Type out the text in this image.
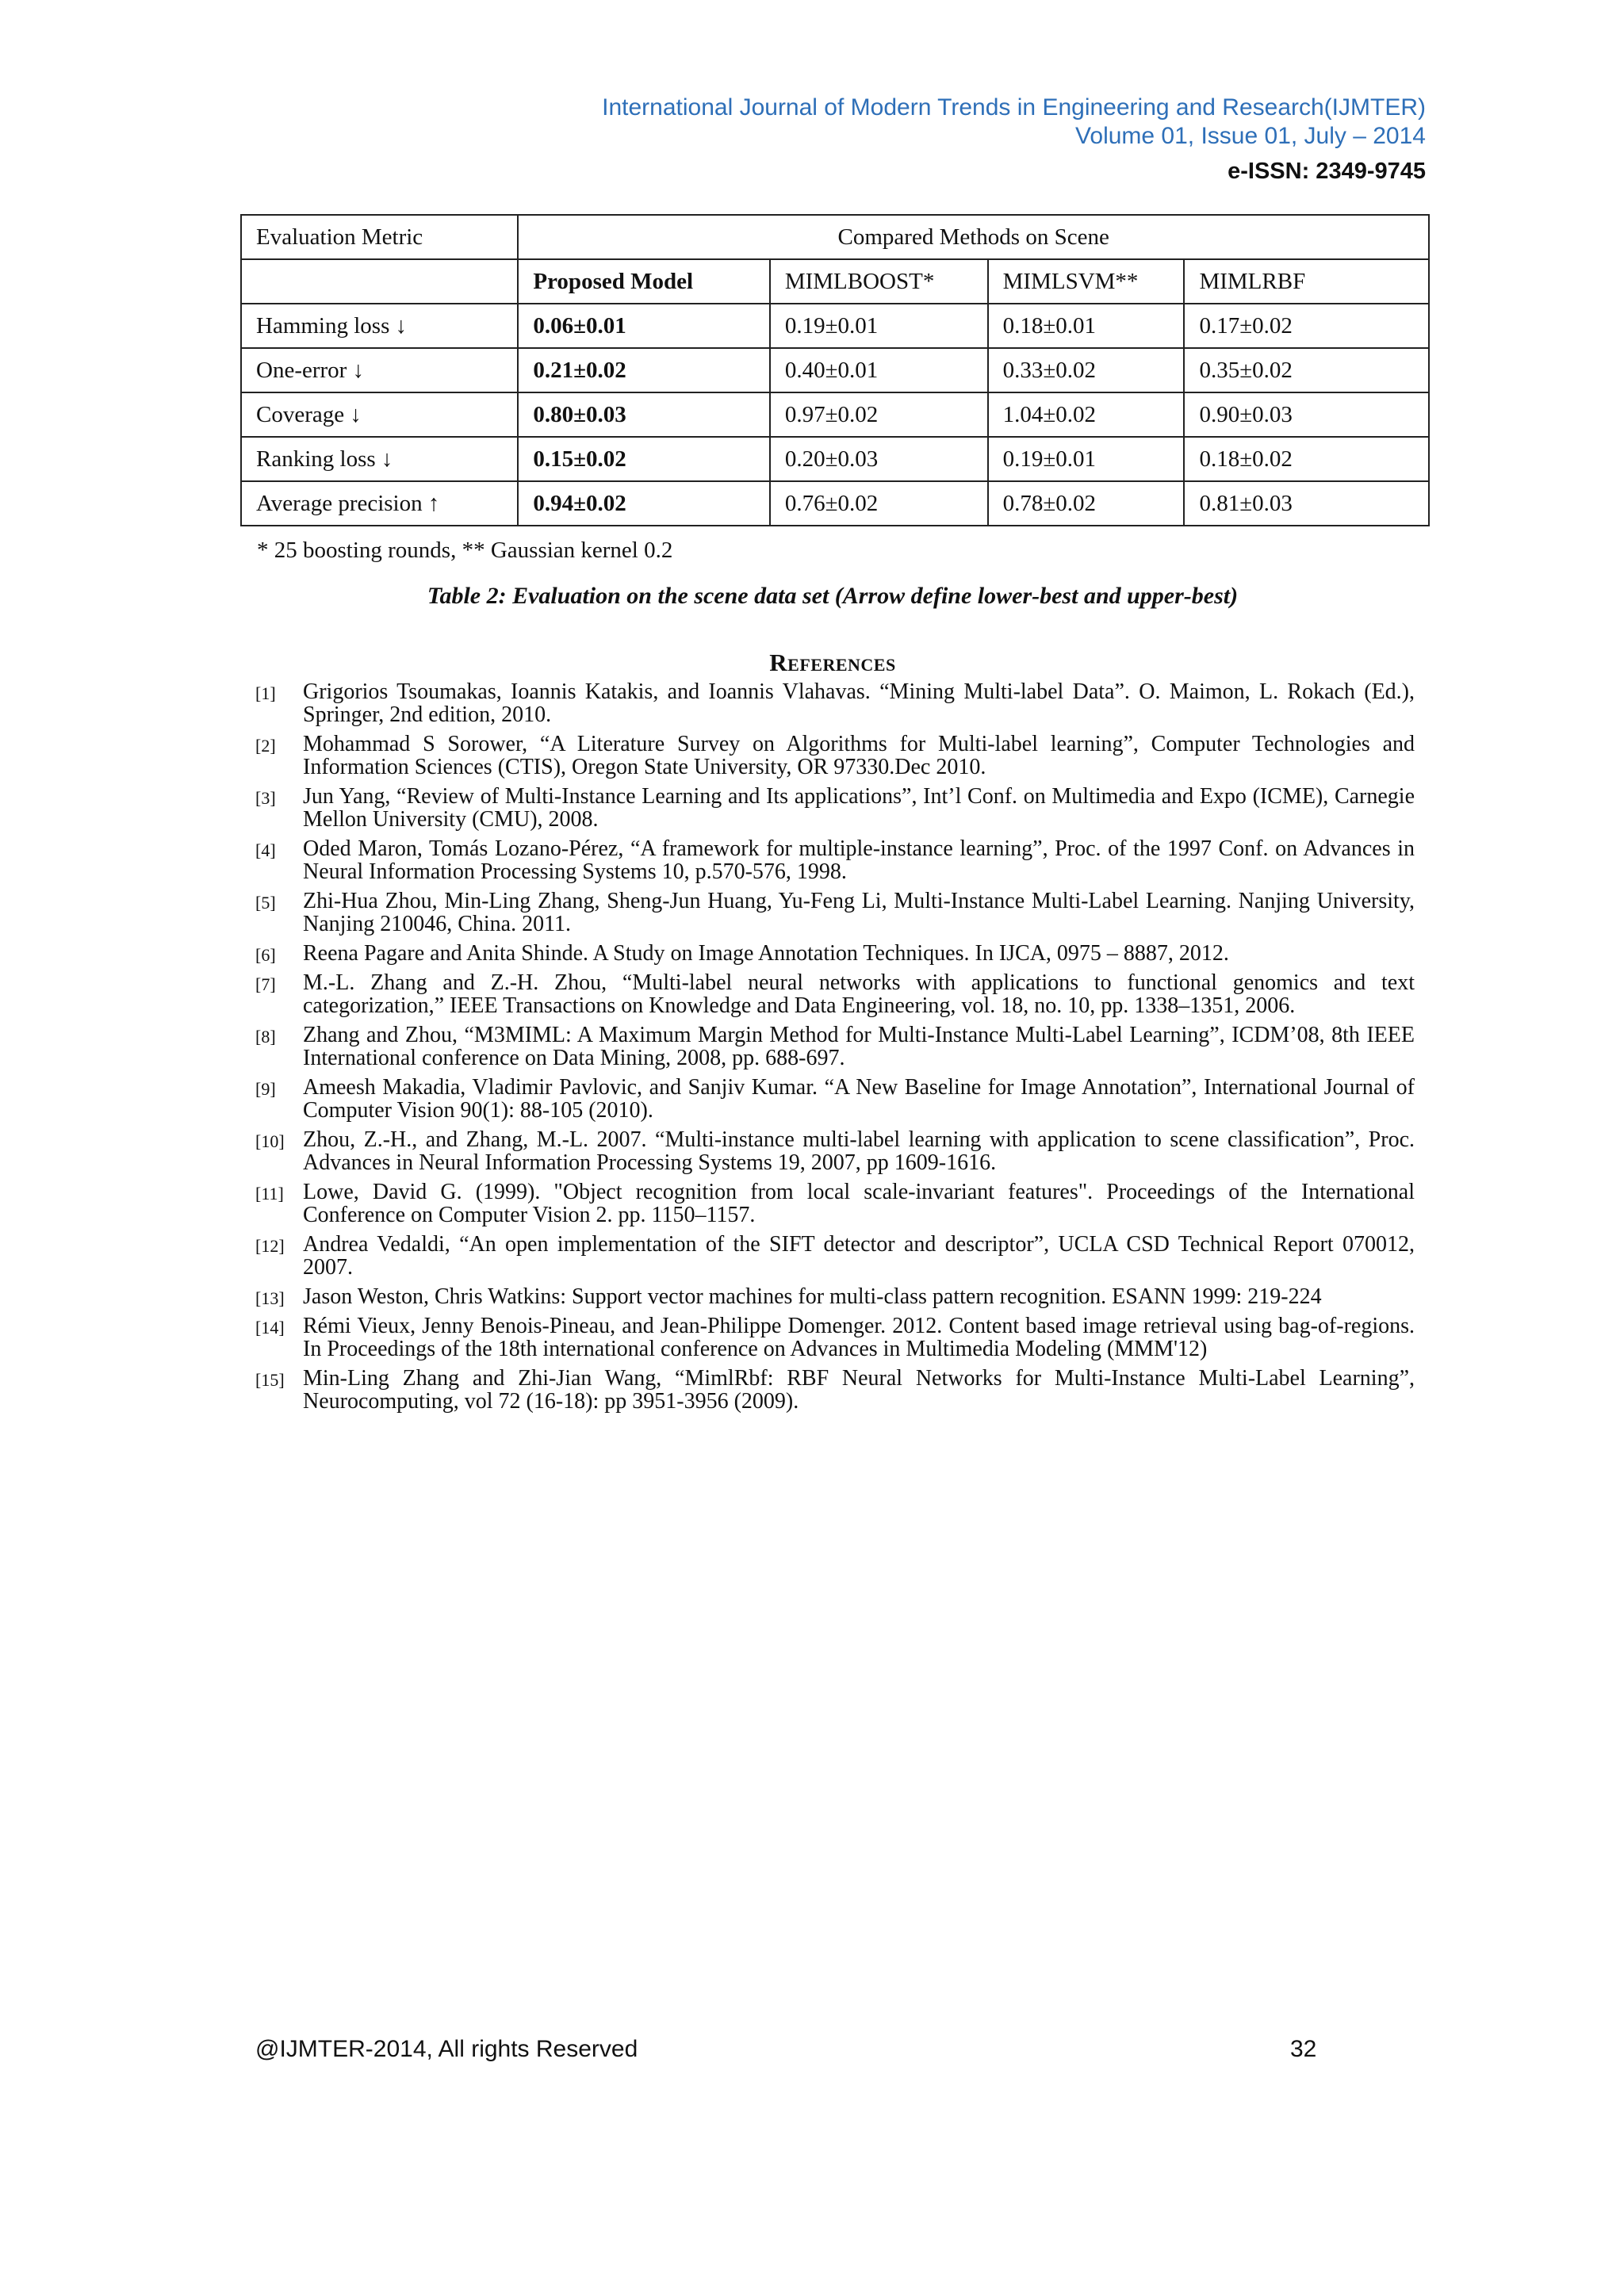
International Journal of Modern Trends in Engineering and Research(IJMTER)
Volume 01, Issue 01, July – 2014
e-ISSN: 2349-9745
Evaluation Metric	Compared Methods on Scene			
	Proposed Model	MIMLBOOST*	MIMLSVM**	MIMLRBF
Hamming loss ↓	0.06±0.01	0.19±0.01	0.18±0.01	0.17±0.02
One-error ↓	0.21±0.02	0.40±0.01	0.33±0.02	0.35±0.02
Coverage ↓	0.80±0.03	0.97±0.02	1.04±0.02	0.90±0.03
Ranking loss ↓	0.15±0.02	0.20±0.03	0.19±0.01	0.18±0.02
Average precision ↑	0.94±0.02	0.76±0.02	0.78±0.02	0.81±0.03
* 25 boosting rounds, ** Gaussian kernel 0.2
Table 2: Evaluation on the scene data set (Arrow define lower-best and upper-best)
References
[1] Grigorios Tsoumakas, Ioannis Katakis, and Ioannis Vlahavas. “Mining Multi-label Data”. O. Maimon, L. Rokach (Ed.), Springer, 2nd edition, 2010.
[2] Mohammad S Sorower, “A Literature Survey on Algorithms for Multi-label learning”, Computer Technologies and Information Sciences (CTIS), Oregon State University, OR 97330.Dec 2010.
[3] Jun Yang, “Review of Multi-Instance Learning and Its applications”, Int’l Conf. on Multimedia and Expo (ICME), Carnegie Mellon University (CMU), 2008.
[4] Oded Maron, Tomás Lozano-Pérez, “A framework for multiple-instance learning”, Proc. of the 1997 Conf. on Advances in Neural Information Processing Systems 10, p.570-576, 1998.
[5] Zhi-Hua Zhou, Min-Ling Zhang, Sheng-Jun Huang, Yu-Feng Li, Multi-Instance Multi-Label Learning. Nanjing University, Nanjing 210046, China. 2011.
[6] Reena Pagare and Anita Shinde. A Study on Image Annotation Techniques. In IJCA, 0975 – 8887, 2012.
[7] M.-L. Zhang and Z.-H. Zhou, “Multi-label neural networks with applications to functional genomics and text categorization,” IEEE Transactions on Knowledge and Data Engineering, vol. 18, no. 10, pp. 1338–1351, 2006.
[8] Zhang and Zhou, “M3MIML: A Maximum Margin Method for Multi-Instance Multi-Label Learning”, ICDM’08, 8th IEEE International conference on Data Mining, 2008, pp. 688-697.
[9] Ameesh Makadia, Vladimir Pavlovic, and Sanjiv Kumar. “A New Baseline for Image Annotation”, International Journal of Computer Vision 90(1): 88-105 (2010).
[10] Zhou, Z.-H., and Zhang, M.-L. 2007. “Multi-instance multi-label learning with application to scene classification”, Proc. Advances in Neural Information Processing Systems 19, 2007, pp 1609-1616.
[11] Lowe, David G. (1999). "Object recognition from local scale-invariant features". Proceedings of the International Conference on Computer Vision 2. pp. 1150–1157.
[12] Andrea Vedaldi, “An open implementation of the SIFT detector and descriptor”, UCLA CSD Technical Report 070012, 2007.
[13] Jason Weston, Chris Watkins: Support vector machines for multi-class pattern recognition. ESANN 1999: 219-224
[14] Rémi Vieux, Jenny Benois-Pineau, and Jean-Philippe Domenger. 2012. Content based image retrieval using bag-of-regions. In Proceedings of the 18th international conference on Advances in Multimedia Modeling (MMM'12)
[15] Min-Ling Zhang and Zhi-Jian Wang, “MimlRbf: RBF Neural Networks for Multi-Instance Multi-Label Learning”, Neurocomputing, vol 72 (16-18): pp 3951-3956 (2009).
@IJMTER-2014, All rights Reserved	32
